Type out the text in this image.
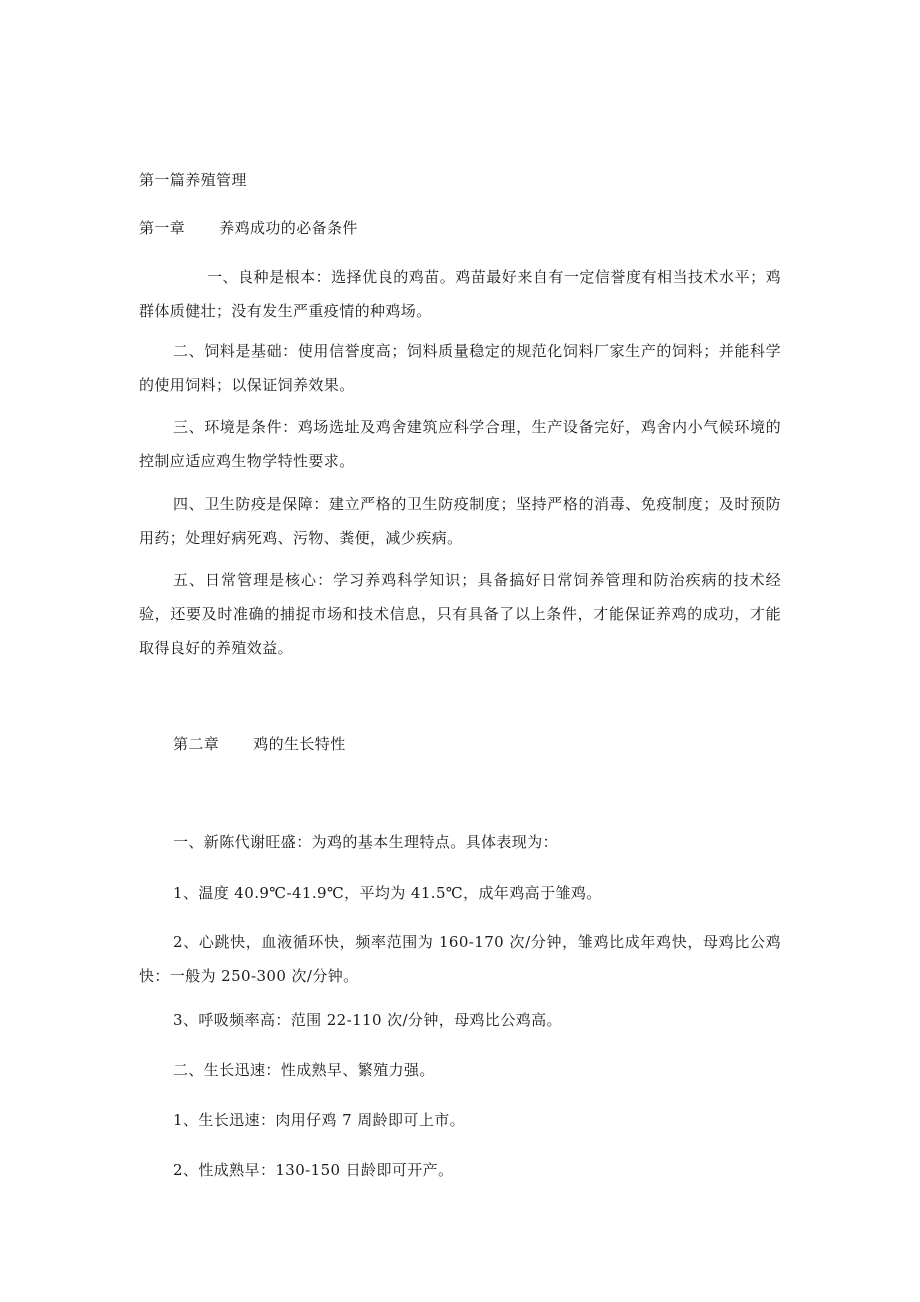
第一篇养殖管理
第一章 养鸡成功的必备条件
一、良种是根本：选择优良的鸡苗。鸡苗最好来自有一定信誉度有相当技术水平；鸡群体质健壮；没有发生严重疫情的种鸡场。
二、饲料是基础：使用信誉度高；饲料质量稳定的规范化饲料厂家生产的饲料；并能科学的使用饲料；以保证饲养效果。
三、环境是条件：鸡场选址及鸡舍建筑应科学合理，生产设备完好，鸡舍内小气候环境的控制应适应鸡生物学特性要求。
四、卫生防疫是保障：建立严格的卫生防疫制度；坚持严格的消毒、免疫制度；及时预防用药；处理好病死鸡、污物、粪便，减少疾病。
五、日常管理是核心：学习养鸡科学知识；具备搞好日常饲养管理和防治疾病的技术经验，还要及时准确的捕捉市场和技术信息，只有具备了以上条件，才能保证养鸡的成功，才能取得良好的养殖效益。
第二章 鸡的生长特性
一、新陈代谢旺盛：为鸡的基本生理特点。具体表现为：
1、温度 40.9℃-41.9℃，平均为 41.5℃，成年鸡高于雏鸡。
2、心跳快，血液循环快，频率范围为 160-170 次/分钟，雏鸡比成年鸡快，母鸡比公鸡快：一般为 250-300 次/分钟。
3、呼吸频率高：范围 22-110 次/分钟，母鸡比公鸡高。
二、生长迅速：性成熟早、繁殖力强。
1、生长迅速：肉用仔鸡 7 周龄即可上市。
2、性成熟早：130-150 日龄即可开产。
